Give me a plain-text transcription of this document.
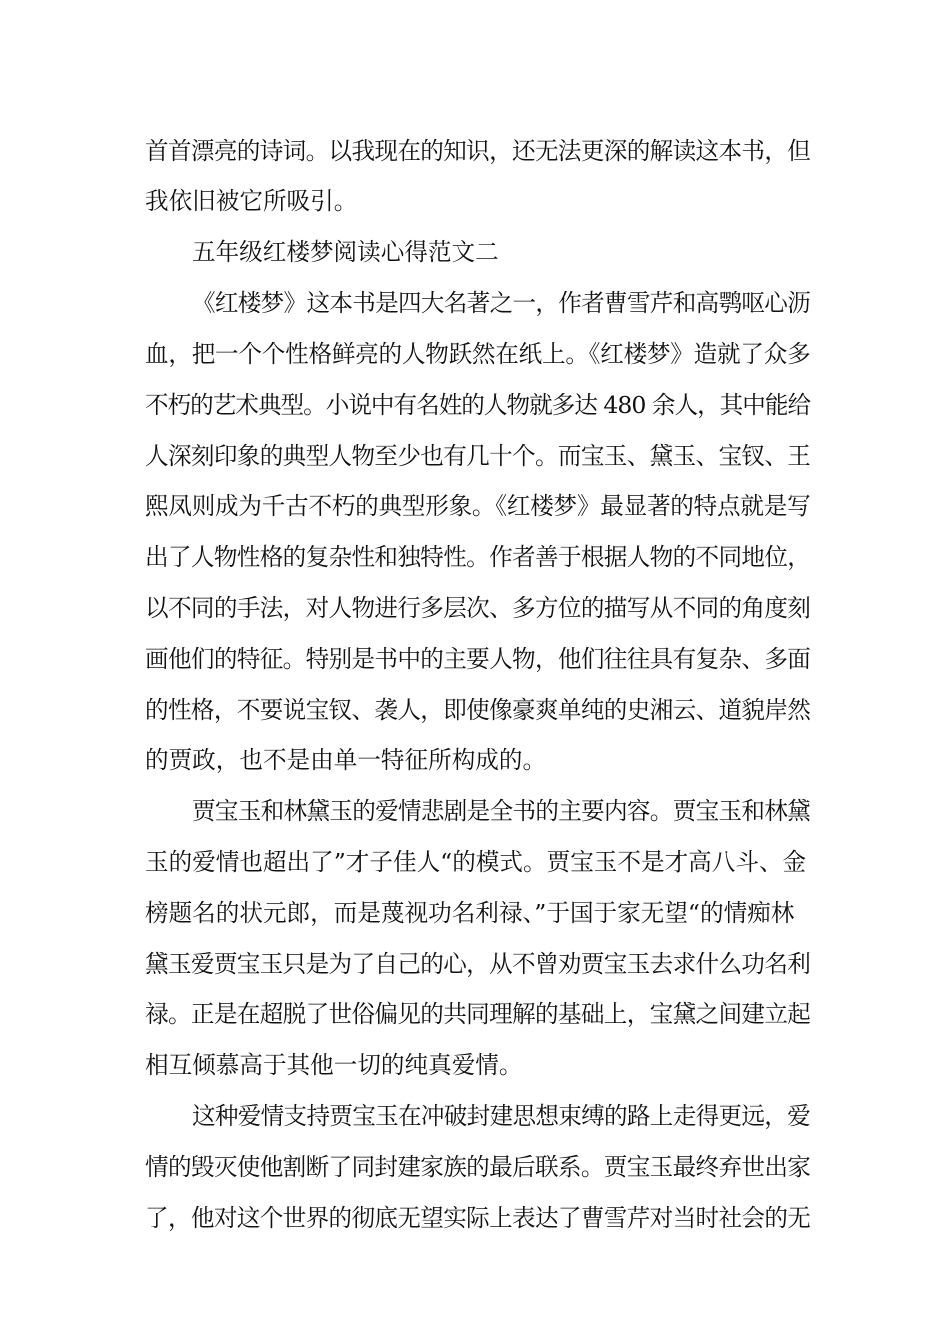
首首漂亮的诗词。以我现在的知识，还无法更深的解读这本书，但

我依旧被它所吸引。

五年级红楼梦阅读心得范文二

《红楼梦》这本书是四大名著之一，作者曹雪芹和高鹗呕心沥

血，把一个个性格鲜亮的人物跃然在纸上。《红楼梦》造就了众多

不朽的艺术典型。小说中有名姓的人物就多达 480 余人，其中能给

人深刻印象的典型人物至少也有几十个。而宝玉、黛玉、宝钗、王

熙凤则成为千古不朽的典型形象。《红楼梦》最显著的特点就是写

出了人物性格的复杂性和独特性。作者善于根据人物的不同地位，

以不同的手法，对人物进行多层次、多方位的描写从不同的角度刻

画他们的特征。特别是书中的主要人物，他们往往具有复杂、多面

的性格，不要说宝钗、袭人，即使像豪爽单纯的史湘云、道貌岸然

的贾政，也不是由单一特征所构成的。

贾宝玉和林黛玉的爱情悲剧是全书的主要内容。贾宝玉和林黛

玉的爱情也超出了”才子佳人“的模式。贾宝玉不是才高八斗、金

榜题名的状元郎，而是蔑视功名利禄、”于国于家无望“的情痴林

黛玉爱贾宝玉只是为了自己的心，从不曾劝贾宝玉去求什么功名利

禄。正是在超脱了世俗偏见的共同理解的基础上，宝黛之间建立起

相互倾慕高于其他一切的纯真爱情。

这种爱情支持贾宝玉在冲破封建思想束缚的路上走得更远，爱

情的毁灭使他割断了同封建家族的最后联系。贾宝玉最终弃世出家

了，他对这个世界的彻底无望实际上表达了曹雪芹对当时社会的无
